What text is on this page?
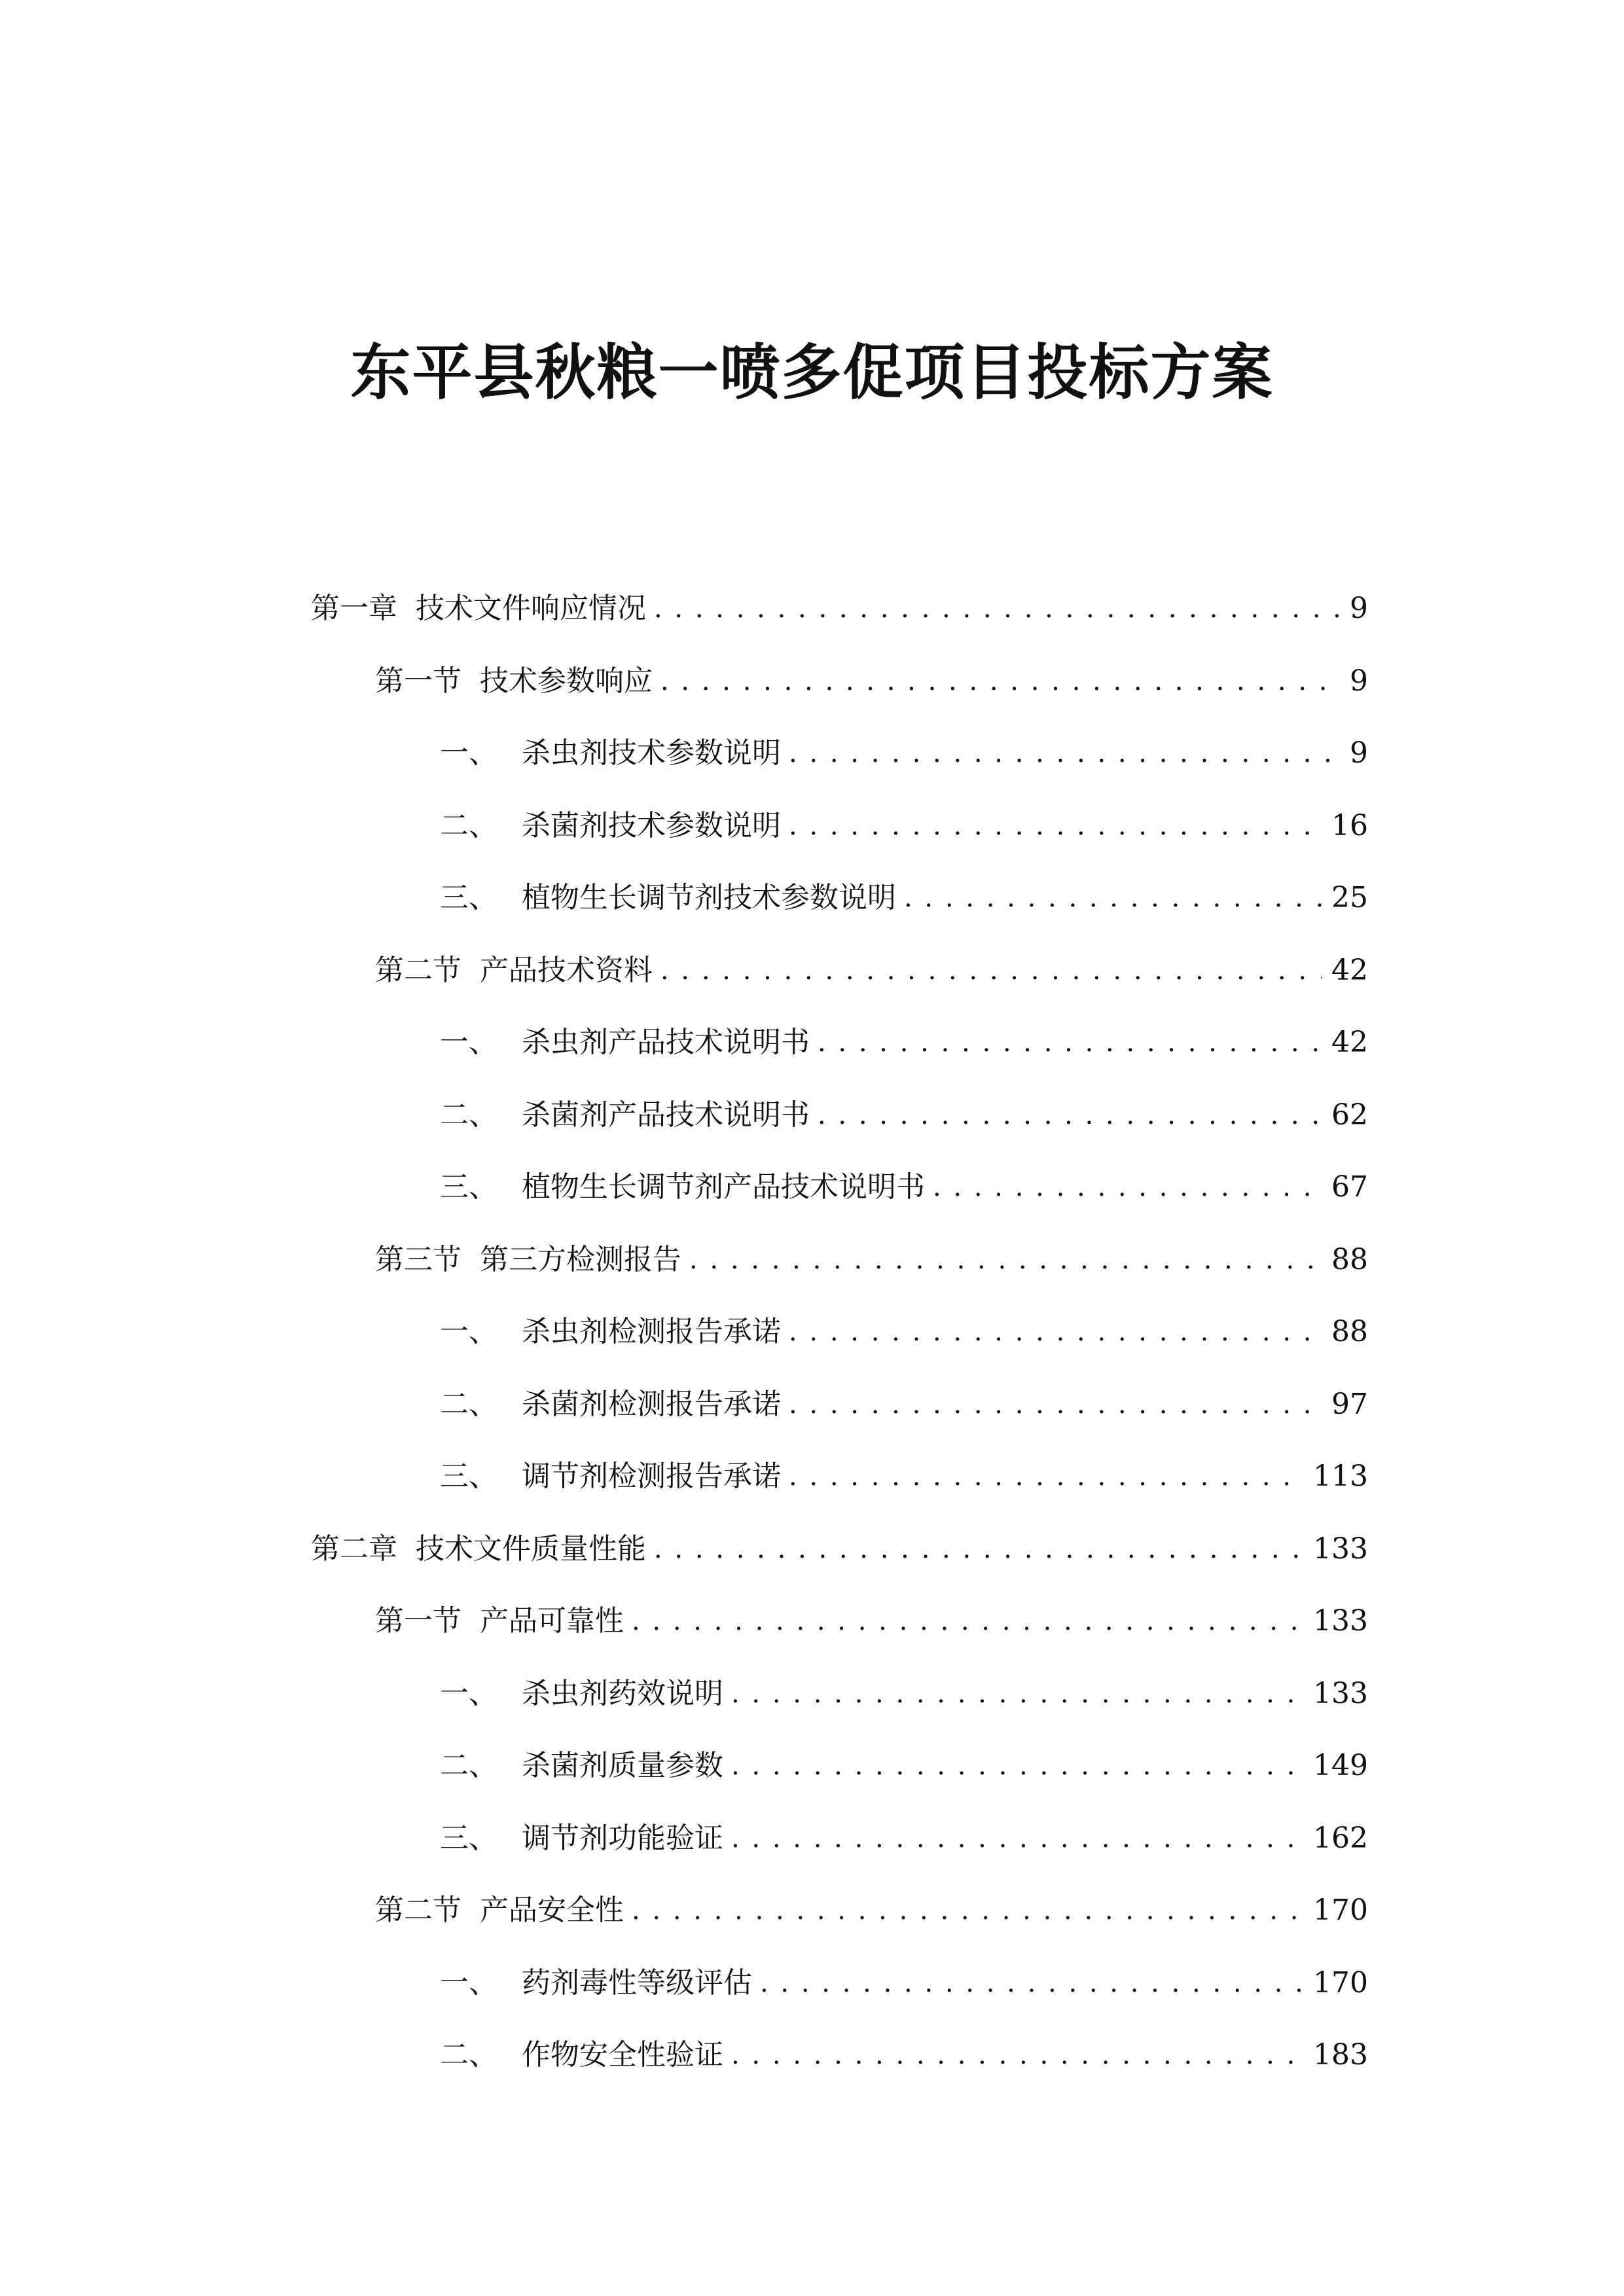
东平县秋粮一喷多促项目投标方案
第一章 技术文件响应情况 . . .	9
第一节 技术参数响应 . . .	9
一、 杀虫剂技术参数说明 . . .	9
二、 杀菌剂技术参数说明 . . .	16
三、 植物生长调节剂技术参数说明 . . .	25
第二节 产品技术资料 . . .	42
一、 杀虫剂产品技术说明书 . . .	42
二、 杀菌剂产品技术说明书 . . .	62
三、 植物生长调节剂产品技术说明书 . . .	67
第三节 第三方检测报告 . . .	88
一、 杀虫剂检测报告承诺 . . .	88
二、 杀菌剂检测报告承诺 . . .	97
三、 调节剂检测报告承诺 . . .	113
第二章 技术文件质量性能 . . .	133
第一节 产品可靠性 . . .	133
一、 杀虫剂药效说明 . . .	133
二、 杀菌剂质量参数 . . .	149
三、 调节剂功能验证 . . .	162
第二节 产品安全性 . . .	170
一、 药剂毒性等级评估 . . .	170
二、 作物安全性验证 . . .	183
